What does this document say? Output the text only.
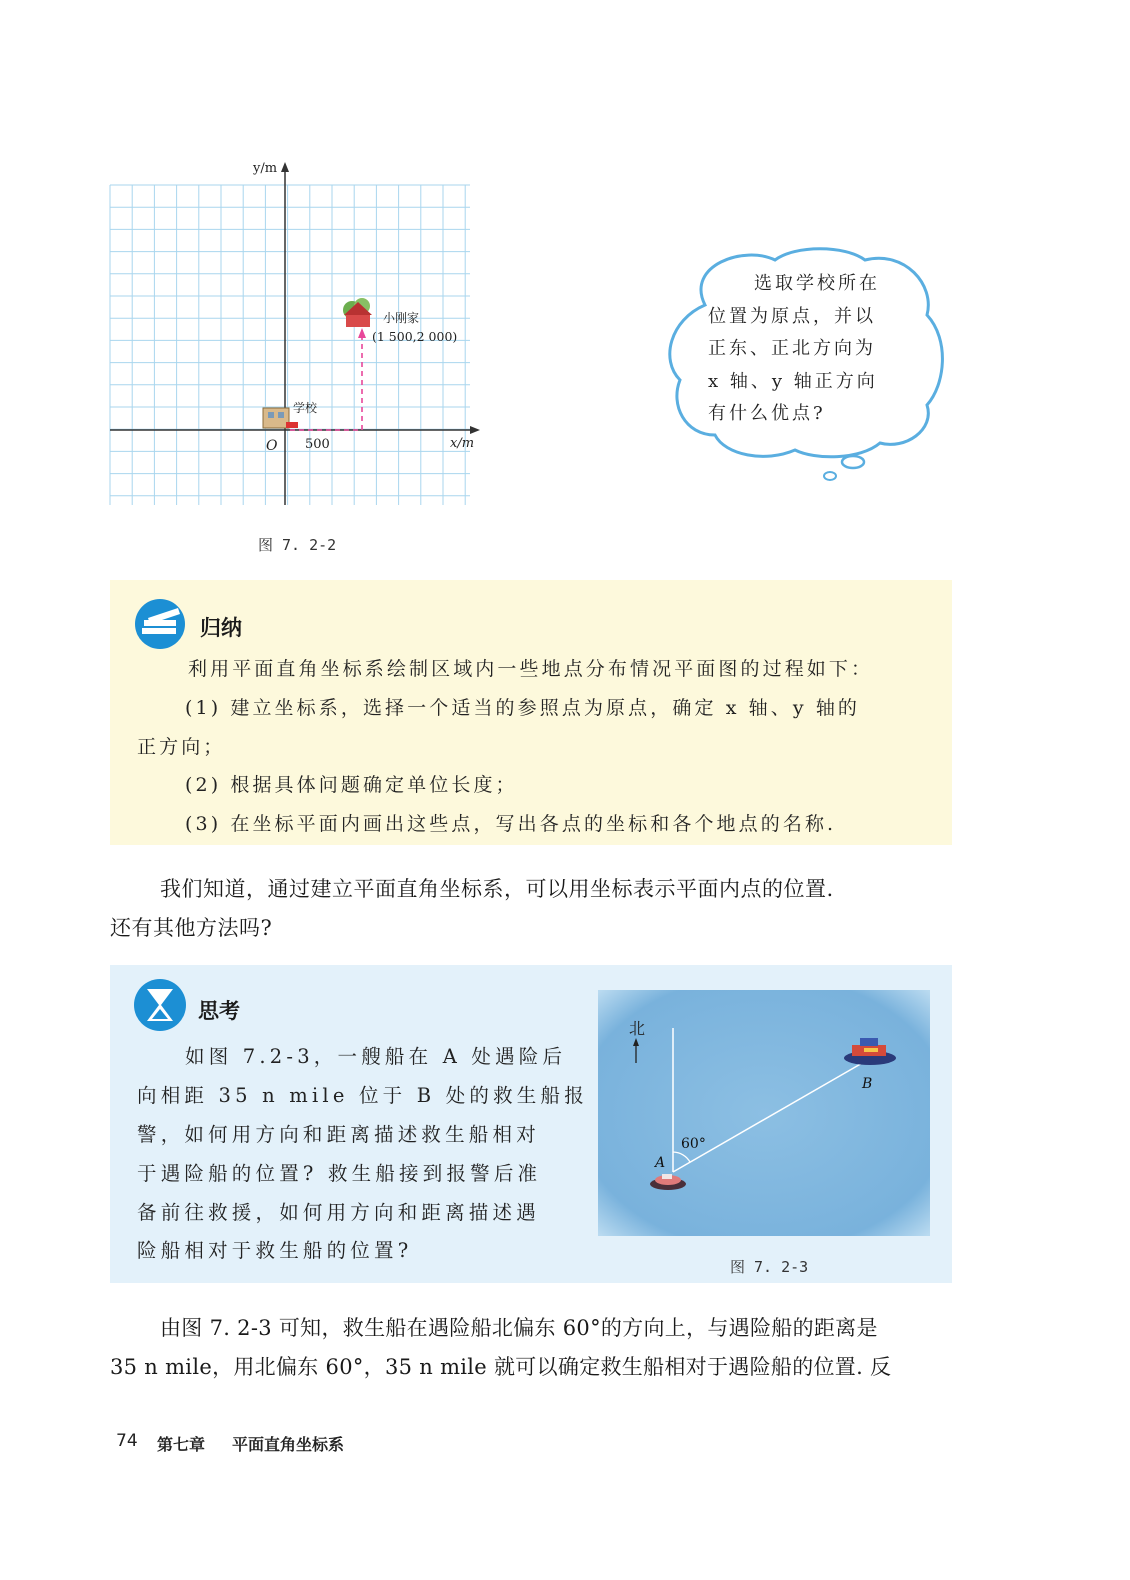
y/m
x/m
O 500
学校
小刚家
(1 500,2 000)
图 7. 2-2
选取学校所在
位置为原点，并以
正东、正北方向为
x 轴、y 轴正方向
有什么优点?
归纳
利用平面直角坐标系绘制区域内一些地点分布情况平面图的过程如下：
(1) 建立坐标系，选择一个适当的参照点为原点，确定 x 轴、y 轴的
正方向；
(2) 根据具体问题确定单位长度；
(3) 在坐标平面内画出这些点，写出各点的坐标和各个地点的名称.
我们知道，通过建立平面直角坐标系，可以用坐标表示平面内点的位置.
还有其他方法吗?
思考
如图 7.2-3，一艘船在 A 处遇险后
向相距 35 n mile 位于 B 处的救生船报
警，如何用方向和距离描述救生船相对
于遇险船的位置? 救生船接到报警后准
备前往救援，如何用方向和距离描述遇
险船相对于救生船的位置?
北
60°
A
B
图 7. 2-3
由图 7. 2-3 可知，救生船在遇险船北偏东 60°的方向上，与遇险船的距离是
35 n mile，用北偏东 60°，35 n mile 就可以确定救生船相对于遇险船的位置. 反
74 第七章 平面直角坐标系
